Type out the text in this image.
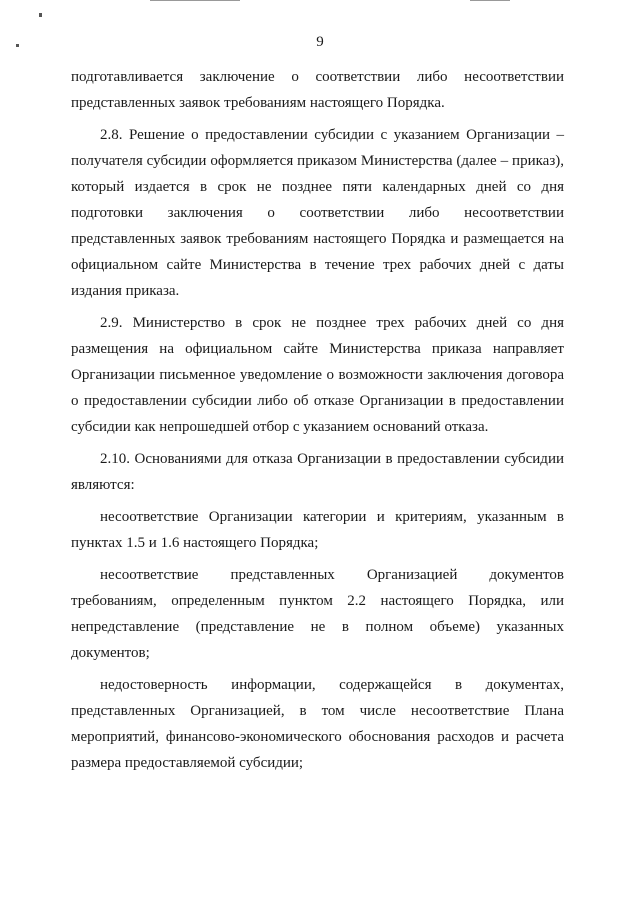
9

подготавливается заключение о соответствии либо несоответствии представленных заявок требованиям настоящего Порядка.

2.8. Решение о предоставлении субсидии с указанием Организации – получателя субсидии оформляется приказом Министерства (далее – приказ), который издается в срок не позднее пяти календарных дней со дня подготовки заключения о соответствии либо несоответствии представленных заявок требованиям настоящего Порядка и размещается на официальном сайте Министерства в течение трех рабочих дней с даты издания приказа.

2.9. Министерство в срок не позднее трех рабочих дней со дня размещения на официальном сайте Министерства приказа направляет Организации письменное уведомление о возможности заключения договора о предоставлении субсидии либо об отказе Организации в предоставлении субсидии как непрошедшей отбор с указанием оснований отказа.

2.10. Основаниями для отказа Организации в предоставлении субсидии являются:

несоответствие Организации категории и критериям, указанным в пунктах 1.5 и 1.6 настоящего Порядка;

несоответствие представленных Организацией документов требованиям, определенным пунктом 2.2 настоящего Порядка, или непредставление (представление не в полном объеме) указанных документов;

недостоверность информации, содержащейся в документах, представленных Организацией, в том числе несоответствие Плана мероприятий, финансово-экономического обоснования расходов и расчета размера предоставляемой субсидии;
